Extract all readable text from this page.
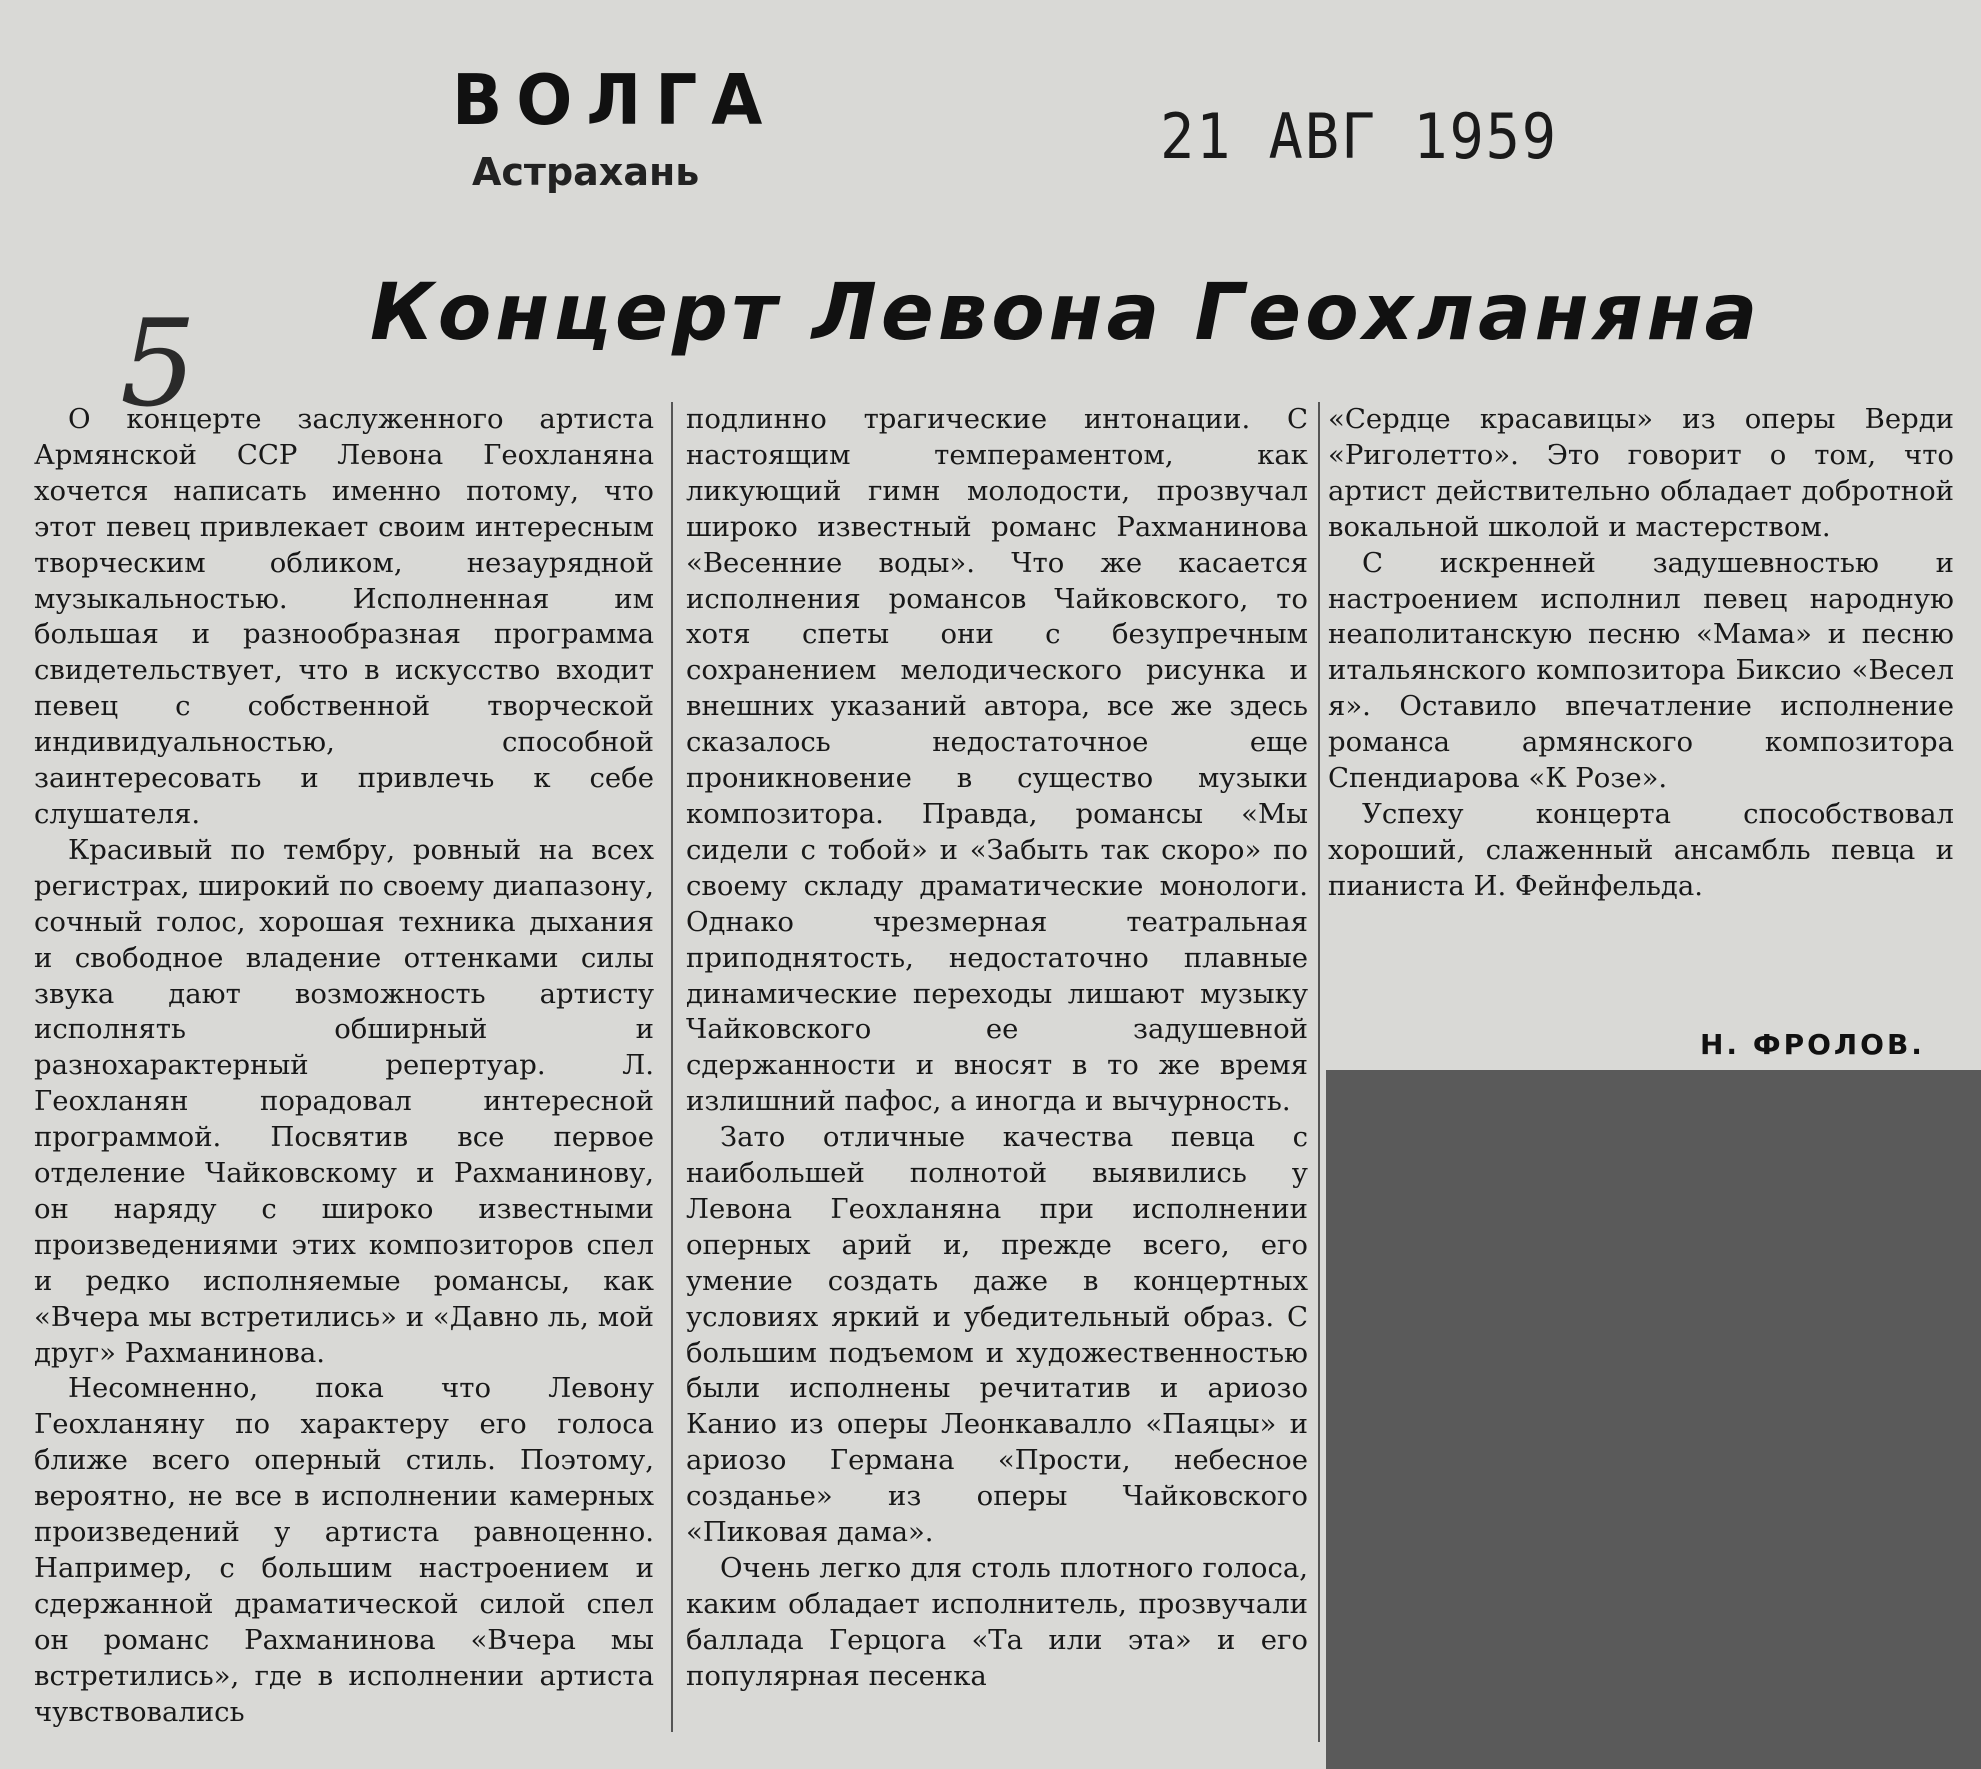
ВОЛГА
Астрахань	21 АВГ 1959
5 Концерт Левона Геохланяна

О концерте заслуженного артиста Армянской ССР Левона Геохланяна хочется написать именно потому, что этот певец привлекает своим интересным творческим обликом, незаурядной музыкальностью. Исполненная им большая и разнообразная программа свидетельствует, что в искусство входит певец с собственной творческой индивидуальностью, способной заинтересовать и привлечь к себе слушателя.

Красивый по тембру, ровный на всех регистрах, широкий по своему диапазону, сочный голос, хорошая техника дыхания и свободное владение оттенками силы звука дают возможность артисту исполнять обширный и разнохарактерный репертуар. Л. Геохланян порадовал интересной программой. Посвятив все первое отделение Чайковскому и Рахманинову, он наряду с широко известными произведениями этих композиторов спел и редко исполняемые романсы, как «Вчера мы встретились» и «Давно ль, мой друг» Рахманинова.

Несомненно, пока что Левону Геохланяну по характеру его голоса ближе всего оперный стиль. Поэтому, вероятно, не все в исполнении камерных произведений у артиста равноценно. Например, с большим настроением и сдержанной драматической силой спел он романс Рахманинова «Вчера мы встретились», где в исполнении артиста чувствовались

подлинно трагические интонации. С настоящим темпераментом, как ликующий гимн молодости, прозвучал широко известный романс Рахманинова «Весенние воды». Что же касается исполнения романсов Чайковского, то хотя спеты они с безупречным сохранением мелодического рисунка и внешних указаний автора, все же здесь сказалось недостаточное еще проникновение в существо музыки композитора. Правда, романсы «Мы сидели с тобой» и «Забыть так скоро» по своему складу драматические монологи. Однако чрезмерная театральная приподнятость, недостаточно плавные динамические переходы лишают музыку Чайковского ее задушевной сдержанности и вносят в то же время излишний пафос, а иногда и вычурность.

Зато отличные качества певца с наибольшей полнотой выявились у Левона Геохланяна при исполнении оперных арий и, прежде всего, его умение создать даже в концертных условиях яркий и убедительный образ. С большим подъемом и художественностью были исполнены речитатив и ариозо Канио из оперы Леонкавалло «Паяцы» и ариозо Германа «Прости, небесное созданье» из оперы Чайковского «Пиковая дама».

Очень легко для столь плотного голоса, каким обладает исполнитель, прозвучали баллада Герцога «Та или эта» и его популярная песенка

«Сердце красавицы» из оперы Верди «Риголетто». Это говорит о том, что артист действительно обладает добротной вокальной школой и мастерством.

С искренней задушевностью и настроением исполнил певец народную неаполитанскую песню «Мама» и песню итальянского композитора Биксио «Весел я». Оставило впечатление исполнение романса армянского композитора Спендиарова «К Розе».

Успеху концерта способствовал хороший, слаженный ансамбль певца и пианиста И. Фейнфельда.

Н. ФРОЛОВ.
